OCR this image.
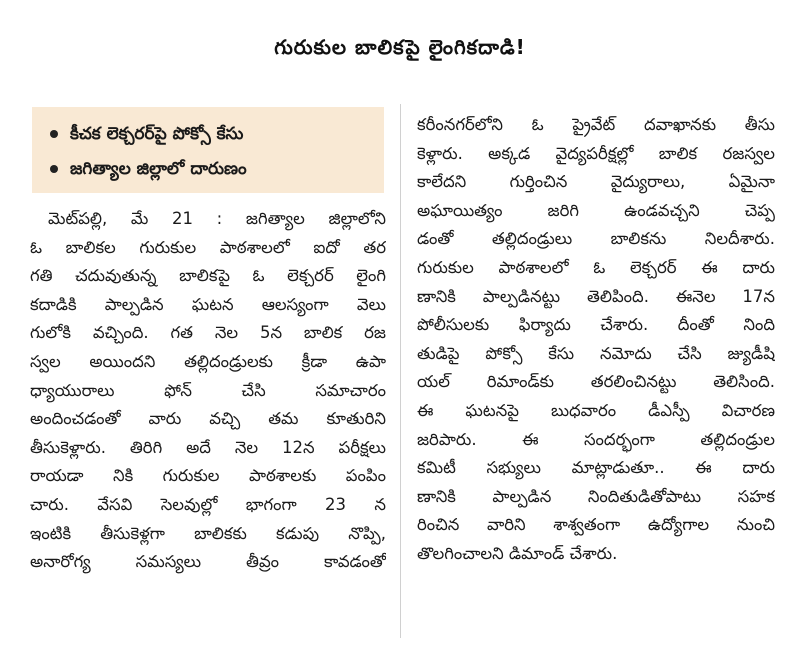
గురుకుల బాలికపై లైంగికదాడి!
కీచక లెక్చరర్‌పై పోక్సో కేసు
జగిత్యాల జిల్లాలో దారుణం
మెట్‌పల్లి, మే 21 : జగిత్యాల జిల్లాలోని
ఓ బాలికల గురుకుల పాఠశాలలో ఐదో తర
గతి చదువుతున్న బాలికపై ఓ లెక్చరర్ లైంగి
కదాడికి పాల్పడిన ఘటన ఆలస్యంగా వెలు
గులోకి వచ్చింది. గత నెల 5న బాలిక రజ
స్వల అయిందని తల్లిదండ్రులకు క్రీడా ఉపా
ధ్యాయురాలు ఫోన్ చేసి సమాచారం
అందించడంతో వారు వచ్చి తమ కూతురిని
తీసుకెళ్లారు. తిరిగి అదే నెల 12న పరీక్షలు
రాయడా నికి గురుకుల పాఠశాలకు పంపిం
చారు. వేసవి సెలవుల్లో భాగంగా 23 న
ఇంటికి తీసుకెళ్లగా బాలికకు కడుపు నొప్పి,
అనారోగ్య సమస్యలు తీవ్రం కావడంతో
కరీంనగర్‌లోని ఓ ప్రైవేట్ దవాఖానకు తీసు
కెళ్లారు. అక్కడ వైద్యపరీక్షల్లో బాలిక రజస్వల
కాలేదని గుర్తించిన వైద్యురాలు, ఏమైనా
అఘాయిత్యం జరిగి ఉండవచ్చని చెప్ప
డంతో తల్లిదండ్రులు బాలికను నిలదీశారు.
గురుకుల పాఠశాలలో ఓ లెక్చరర్ ఈ దారు
ణానికి పాల్పడినట్టు తెలిపింది. ఈనెల 17న
పోలీసులకు ఫిర్యాదు చేశారు. దీంతో నింది
తుడిపై పోక్సో కేసు నమోదు చేసి జ్యుడీషి
యల్ రిమాండ్‌కు తరలించినట్టు తెలిసింది.
ఈ ఘటనపై బుధవారం డీఎస్పీ విచారణ
జరిపారు. ఈ సందర్భంగా తల్లిదండ్రుల
కమిటీ సభ్యులు మాట్లాడుతూ.. ఈ దారు
ణానికి పాల్పడిన నిందితుడితోపాటు సహక
రించిన వారిని శాశ్వతంగా ఉద్యోగాల నుంచి
తొలగించాలని డిమాండ్ చేశారు.
